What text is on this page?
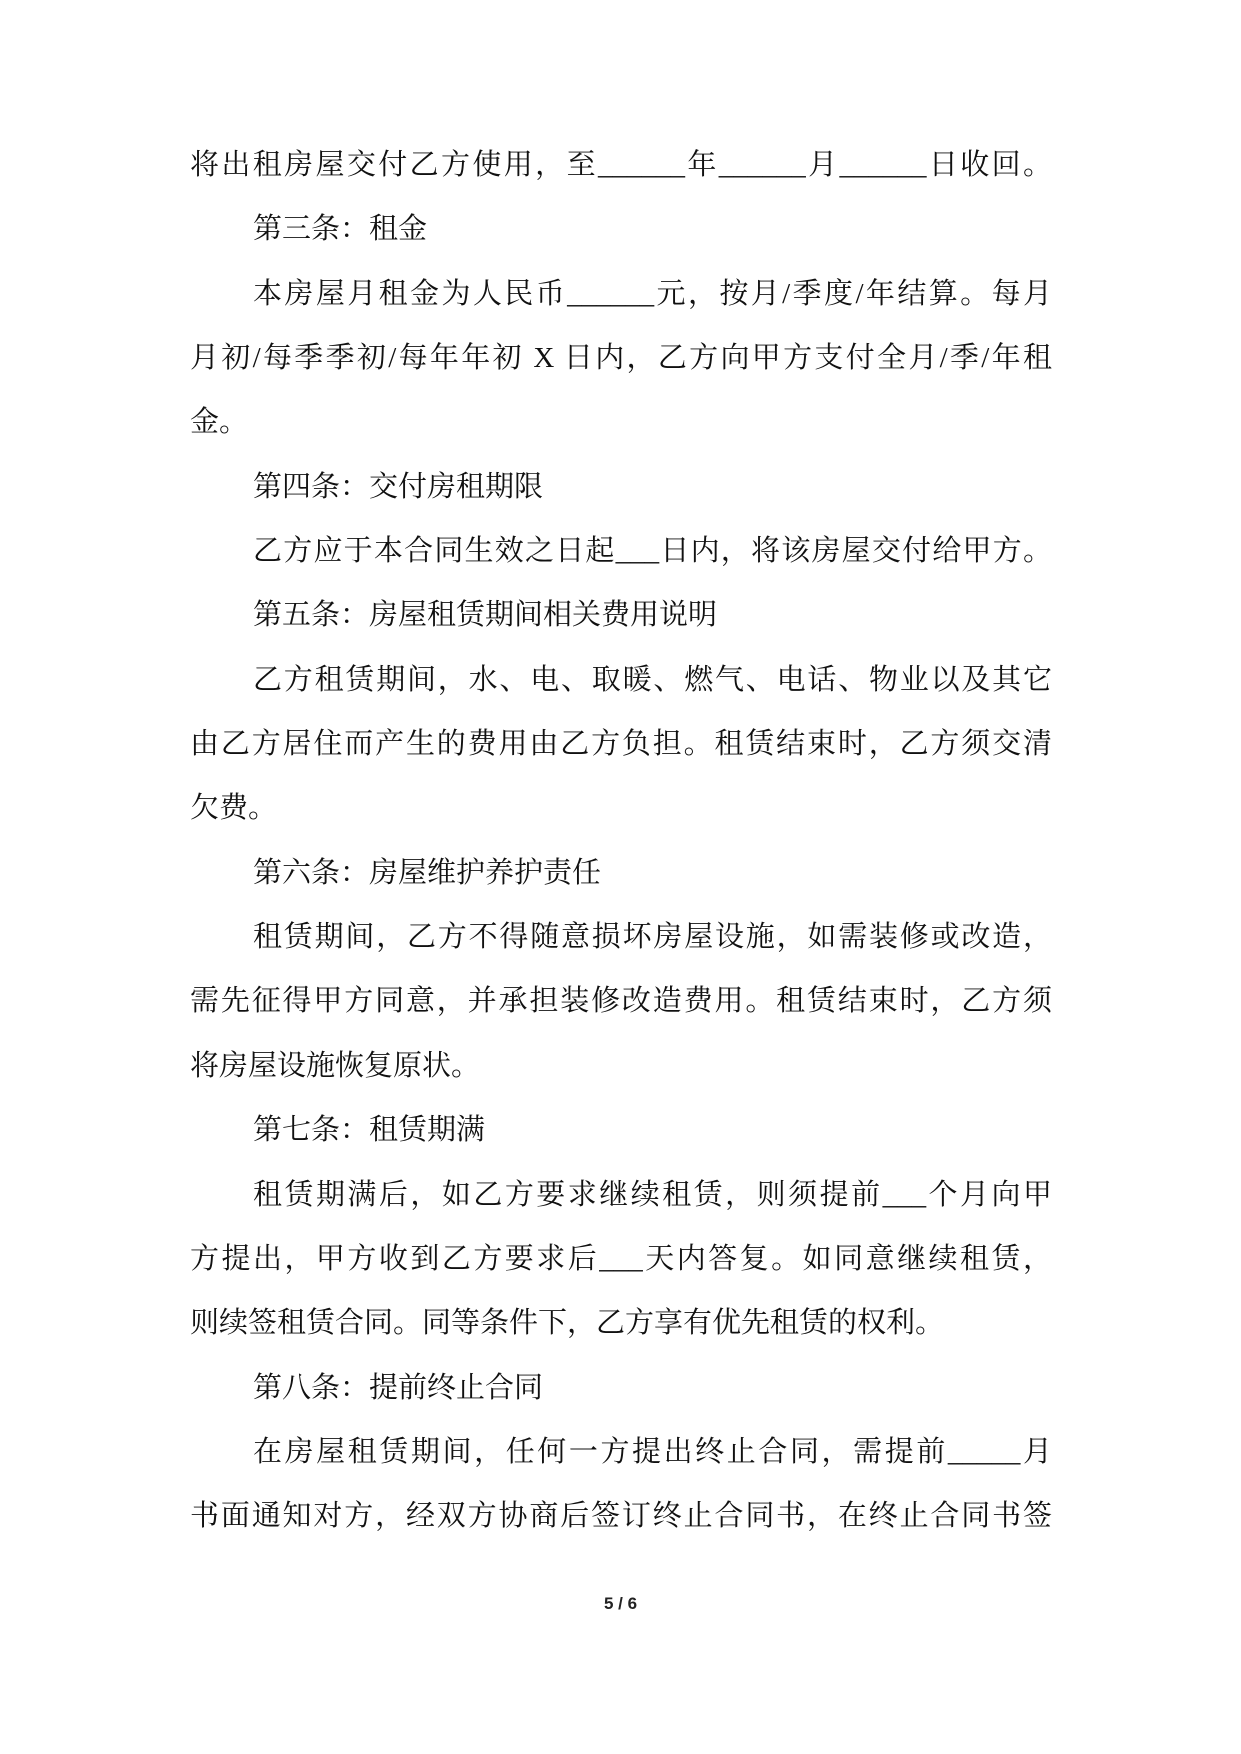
将出租房屋交付乙方使用，至______年______月______日收回。
第三条：租金
本房屋月租金为人民币______元，按月/季度/年结算。每月
月初/每季季初/每年年初 X 日内，乙方向甲方支付全月/季/年租
金。
第四条：交付房租期限
乙方应于本合同生效之日起___日内，将该房屋交付给甲方。
第五条：房屋租赁期间相关费用说明
乙方租赁期间，水、电、取暖、燃气、电话、物业以及其它
由乙方居住而产生的费用由乙方负担。租赁结束时，乙方须交清
欠费。
第六条：房屋维护养护责任
租赁期间，乙方不得随意损坏房屋设施，如需装修或改造，
需先征得甲方同意，并承担装修改造费用。租赁结束时，乙方须
将房屋设施恢复原状。
第七条：租赁期满
租赁期满后，如乙方要求继续租赁，则须提前___个月向甲
方提出，甲方收到乙方要求后___天内答复。如同意继续租赁，
则续签租赁合同。同等条件下，乙方享有优先租赁的权利。
第八条：提前终止合同
在房屋租赁期间，任何一方提出终止合同，需提前_____月
书面通知对方，经双方协商后签订终止合同书，在终止合同书签
5 / 6
